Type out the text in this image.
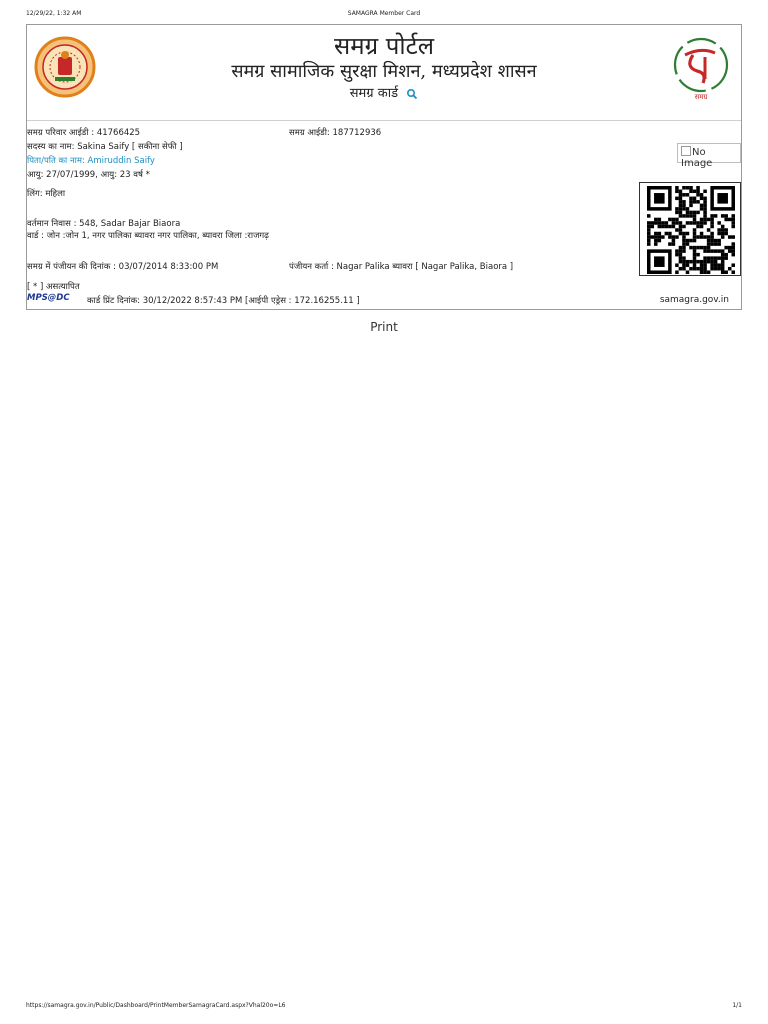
12/29/22, 1:32 AM	SAMAGRA Member Card
समग्र पोर्टल
समग्र सामाजिक सुरक्षा मिशन, मध्यप्रदेश शासन
समग्र कार्ड	समग्र
समग्र परिवार आईडी : 41766425	समग्र आईडी: 187712936
सदस्य का नाम: Sakina Saify [ सकीना सेफी ]
पिता/पति का नाम: Amiruddin Saify
आयु: 27/07/1999, आयु: 23 वर्ष *
लिंग: महिला
वर्तमान निवास : 548, Sadar Bajar Biaora
वार्ड : जोन :जोन 1, नगर पालिका ब्यावरा नगर पालिका, ब्यावरा जिला :राजगढ़
समग्र में पंजीयन की दिनांक : 03/07/2014 8:33:00 PM	पंजीयन कर्ता : Nagar Palika ब्यावरा [ Nagar Palika, Biaora ]
[ * ] असत्यापित
कार्ड प्रिंट दिनांक: 30/12/2022 8:57:43 PM [आईपी एड्रेस : 172.16255.11 ]
MPS@DC
No Image
samagra.gov.in
Print
https://samagra.gov.in/Public/Dashboard/PrintMemberSamagraCard.aspx?Vhal20o=L6	1/1
